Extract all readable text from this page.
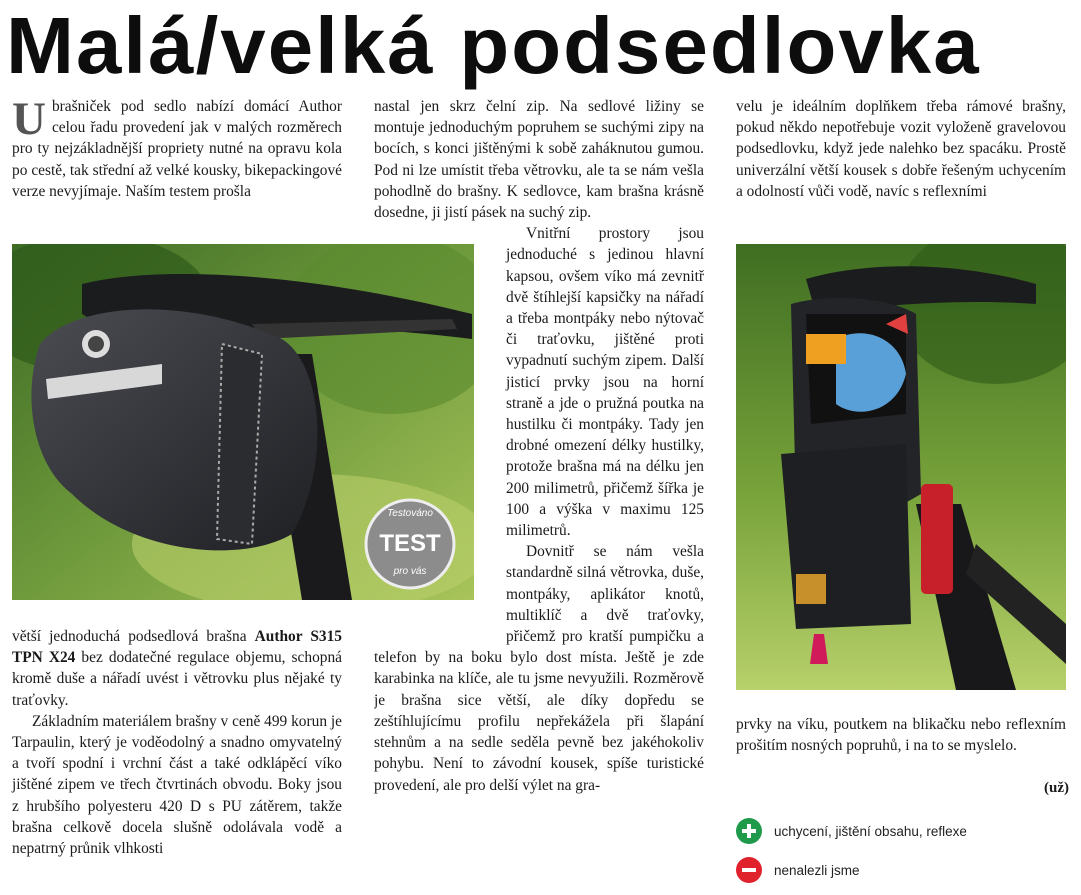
Malá/velká podsedlovka

Ubrašniček pod sedlo nabízí domácí Author celou řadu provedení jak v malých rozměrech pro ty nejzákladnější propriety nutné na opravu kola po cestě, tak střední až velké kousky, bikepackingové verze nevyjímaje. Naším testem prošla

Testováno
TEST
pro vás

větší jednoduchá podsedlová brašna Author S315 TPN X24 bez dodatečné regulace objemu, schopná kromě duše a nářadí uvést i větrovku plus nějaké ty traťovky.

Základním materiálem brašny v ceně 499 korun je Tarpaulin, který je voděodolný a snadno omyvatelný a tvoří spodní i vrchní část a také odklápěcí víko jištěné zipem ve třech čtvrtinách obvodu. Boky jsou z hrubšího polyesteru 420 D s PU zátěrem, takže brašna celkově docela slušně odolávala vodě a nepatrný průnik vlhkosti

velu je ideálním doplňkem třeba rámové brašny, pokud někdo nepotřebuje vozit vyloženě gravelovou podsedlovku, když jede nalehko bez spacáku. Prostě univerzální větší kousek s dobře řešeným uchycením a odolností vůči vodě, navíc s reflexními

prvky na víku, poutkem na blikačku nebo reflexním prošitím nosných popruhů, i na to se myslelo.

(už)
uchycení, jištění obsahu, reflexe
nenalezli jsme

nastal jen skrz čelní zip. Na sedlové ližiny se montuje jednoduchým popruhem se suchými zipy na bocích, s konci jištěnými k sobě zaháknutou gumou. Pod ni lze umístit třeba větrovku, ale ta se nám vešla pohodlně do brašny. K sedlovce, kam brašna krásně dosedne, ji jistí pásek na suchý zip.

Vnitřní prostory jsou jednoduché s jedinou hlavní kapsou, ovšem víko má zevnitř dvě štíhlejší kapsičky na nářadí a třeba montpáky nebo nýtovač či traťovku, jištěné proti vypadnutí suchým zipem. Další jisticí prvky jsou na horní straně a jde o pružná poutka na hustilku či montpáky. Tady jen drobné omezení délky hustilky, protože brašna má na délku jen 200 milimetrů, přičemž šířka je 100 a výška v maximu 125 milimetrů.

Dovnitř se nám vešla standardně silná větrovka, duše, montpáky, aplikátor knotů, multiklíč a dvě traťovky, přičemž pro kratší pumpičku a telefon by na boku bylo dost místa. Ještě je zde karabinka na klíče, ale tu jsme nevyužili. Rozměrově je brašna sice větší, ale díky dopředu se zeštíhlujícímu profilu nepřekážela při šlapání stehnům a na sedle seděla pevně bez jakéhokoliv pohybu. Není to závodní kousek, spíše turistické provedení, ale pro delší výlet na gra-
